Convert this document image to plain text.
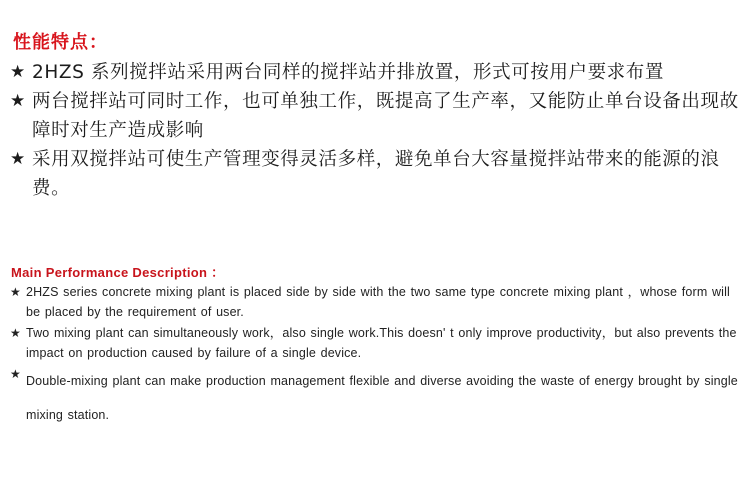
性能特点：
★ 2HZS 系列搅拌站采用两台同样的搅拌站并排放置，形式可按用户要求布置
★ 两台搅拌站可同时工作，也可单独工作，既提高了生产率，又能防止单台设备出现故障时对生产造成影响
★ 采用双搅拌站可使生产管理变得灵活多样，避免单台大容量搅拌站带来的能源的浪费。
Main Performance Description ：
★ 2HZS series concrete mixing plant is placed side by side with the two same type concrete mixing plant ，whose form will be placed by the requirement of user.
★ Two mixing plant can simultaneously work，also single work.This doesn' t only improve productivity，but also prevents the impact on production caused by failure of a single device.
★ Double-mixing plant can make production management flexible and diverse avoiding the waste of energy brought by single mixing station.
